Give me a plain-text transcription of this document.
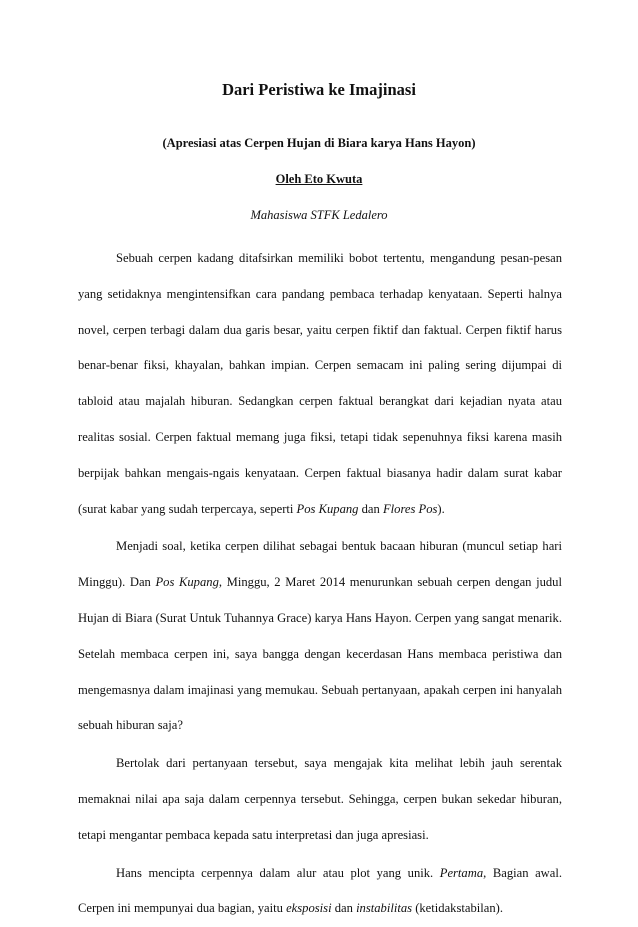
Dari Peristiwa ke Imajinasi
(Apresiasi atas Cerpen Hujan di Biara karya Hans Hayon)
Oleh Eto Kwuta
Mahasiswa STFK Ledalero

Sebuah cerpen kadang ditafsirkan memiliki bobot tertentu, mengandung pesan-pesan yang setidaknya mengintensifkan cara pandang pembaca terhadap kenyataan. Seperti halnya novel, cerpen terbagi dalam dua garis besar, yaitu cerpen fiktif dan faktual. Cerpen fiktif harus benar-benar fiksi, khayalan, bahkan impian. Cerpen semacam ini paling sering dijumpai di tabloid atau majalah hiburan. Sedangkan cerpen faktual berangkat dari kejadian nyata atau realitas sosial. Cerpen faktual memang juga fiksi, tetapi tidak sepenuhnya fiksi karena masih berpijak bahkan mengais-ngais kenyataan. Cerpen faktual biasanya hadir dalam surat kabar (surat kabar yang sudah terpercaya, seperti Pos Kupang dan Flores Pos).

Menjadi soal, ketika cerpen dilihat sebagai bentuk bacaan hiburan (muncul setiap hari Minggu). Dan Pos Kupang, Minggu, 2 Maret 2014 menurunkan sebuah cerpen dengan judul Hujan di Biara (Surat Untuk Tuhannya Grace) karya Hans Hayon. Cerpen yang sangat menarik. Setelah membaca cerpen ini, saya bangga dengan kecerdasan Hans membaca peristiwa dan mengemasnya dalam imajinasi yang memukau. Sebuah pertanyaan, apakah cerpen ini hanyalah sebuah hiburan saja?

Bertolak dari pertanyaan tersebut, saya mengajak kita melihat lebih jauh serentak memaknai nilai apa saja dalam cerpennya tersebut. Sehingga, cerpen bukan sekedar hiburan, tetapi mengantar pembaca kepada satu interpretasi dan juga apresiasi.

Hans mencipta cerpennya dalam alur atau plot yang unik. Pertama, Bagian awal. Cerpen ini mempunyai dua bagian, yaitu eksposisi dan instabilitas (ketidakstabilan).
